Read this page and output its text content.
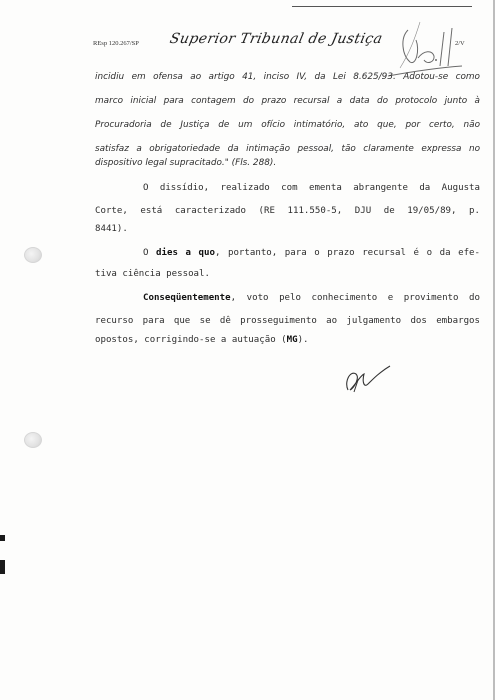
REsp 120.267/SP Superior Tribunal de Justiça	2/V
incidiu em ofensa ao artigo 41, inciso IV, da Lei 8.625/93. Adotou-se como
marco inicial para contagem do prazo recursal a data do protocolo junto à
Procuradoria de Justiça de um ofício intimatório, ato que, por certo, não
satisfaz a obrigatoriedade da intimação pessoal, tão claramente expressa no
dispositivo legal supracitado." (Fls. 288).
O dissídio, realizado com ementa abrangente da Augusta
Corte, está caracterizado (RE 111.550-5, DJU de 19/05/89, p.
8441).
O dies a quo, portanto, para o prazo recursal é o da efe-
tiva ciência pessoal.
Conseqüentemente, voto pelo conhecimento e provimento do
recurso para que se dê prosseguimento ao julgamento dos embargos
opostos, corrigindo-se a autuação (MG).
